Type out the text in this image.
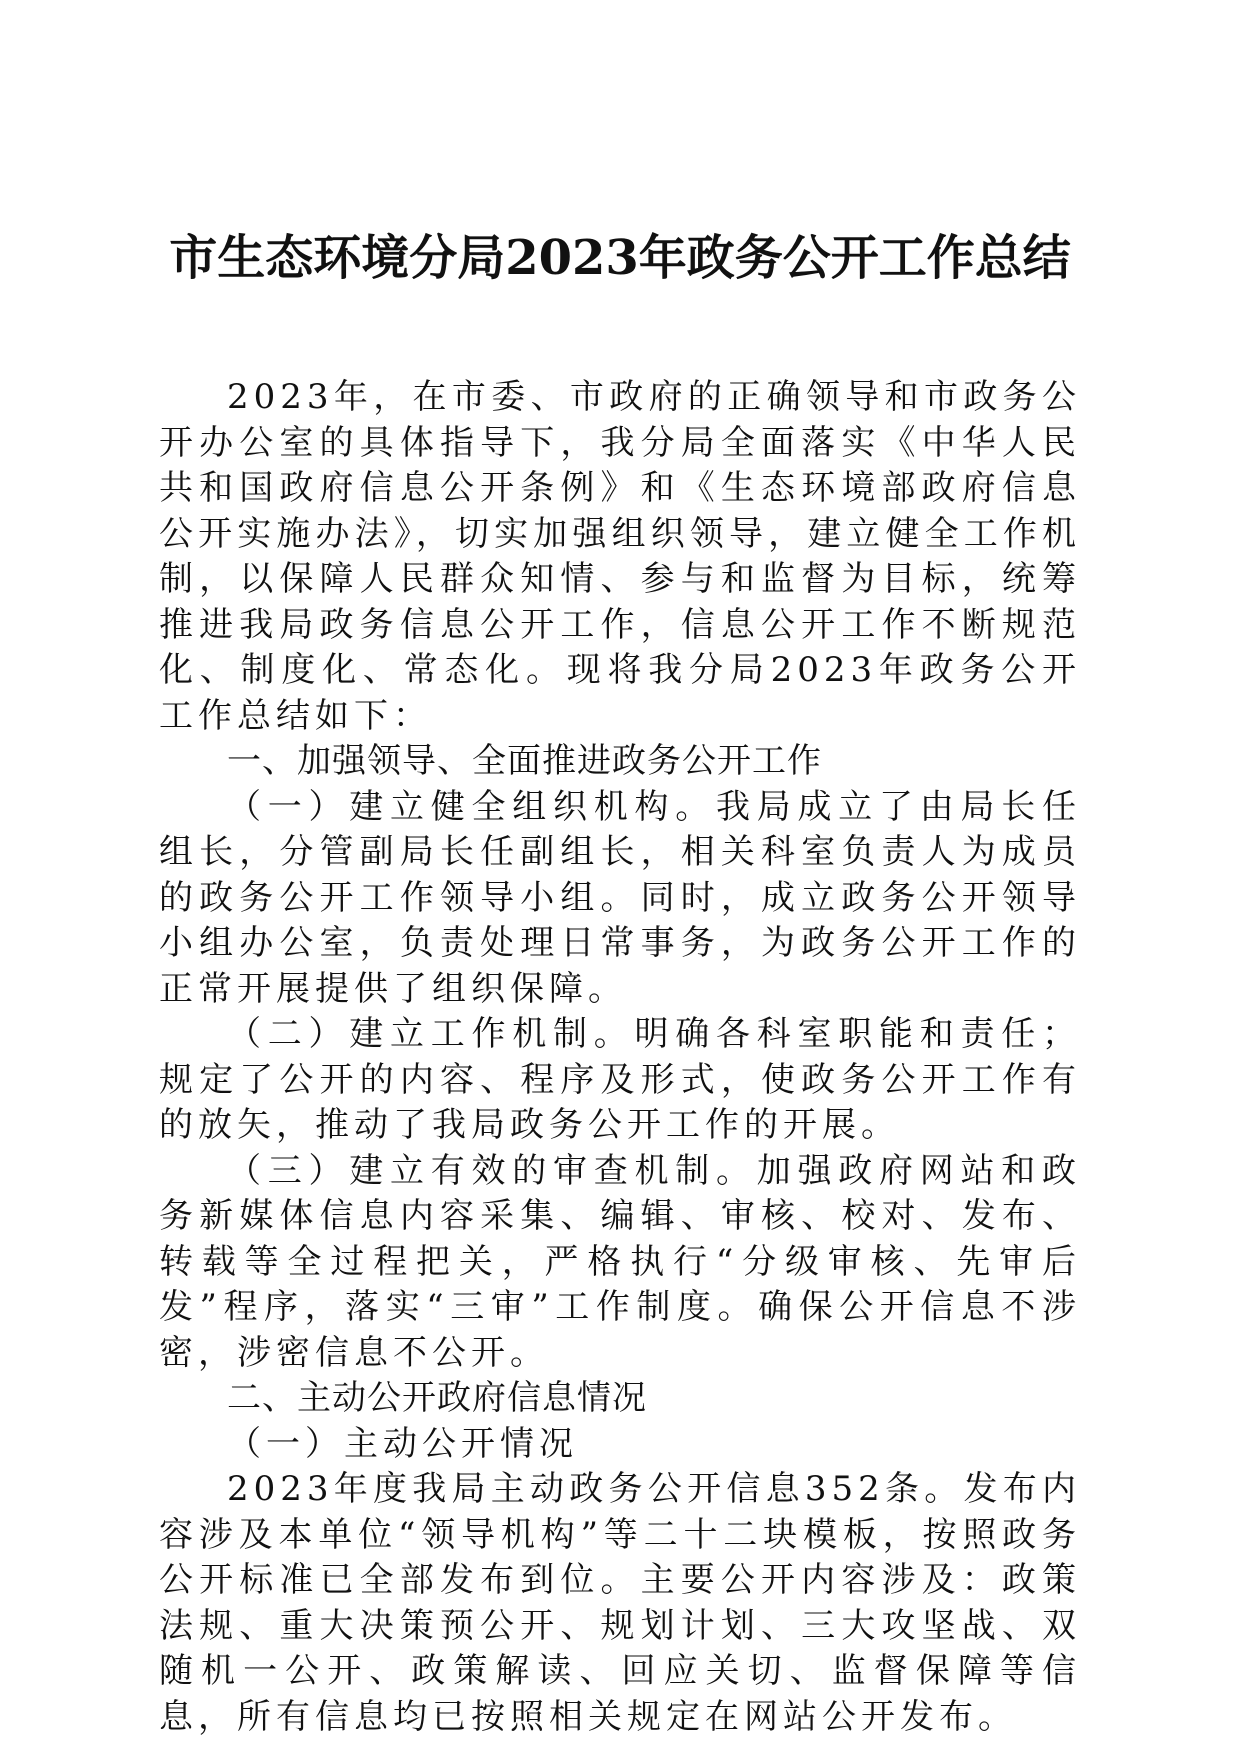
市生态环境分局2023年政务公开工作总结

2023年，在市委、市政府的正确领导和市政务公开办公室的具体指导下，我分局全面落实《中华人民共和国政府信息公开条例》和《生态环境部政府信息公开实施办法》，切实加强组织领导，建立健全工作机制，以保障人民群众知情、参与和监督为目标，统筹推进我局政务信息公开工作，信息公开工作不断规范化、制度化、常态化。现将我分局2023年政务公开工作总结如下：

一、加强领导、全面推进政务公开工作

（一）建立健全组织机构。我局成立了由局长任组长，分管副局长任副组长，相关科室负责人为成员的政务公开工作领导小组。同时，成立政务公开领导小组办公室，负责处理日常事务，为政务公开工作的正常开展提供了组织保障。

（二）建立工作机制。明确各科室职能和责任；规定了公开的内容、程序及形式，使政务公开工作有的放矢，推动了我局政务公开工作的开展。

（三）建立有效的审查机制。加强政府网站和政务新媒体信息内容采集、编辑、审核、校对、发布、转载等全过程把关，严格执行“分级审核、先审后发”程序，落实“三审”工作制度。确保公开信息不涉密，涉密信息不公开。

二、主动公开政府信息情况

（一）主动公开情况

2023年度我局主动政务公开信息352条。发布内容涉及本单位“领导机构”等二十二块模板，按照政务公开标准已全部发布到位。主要公开内容涉及：政策法规、重大决策预公开、规划计划、三大攻坚战、双随机一公开、政策解读、回应关切、监督保障等信息，所有信息均已按照相关规定在网站公开发布。
